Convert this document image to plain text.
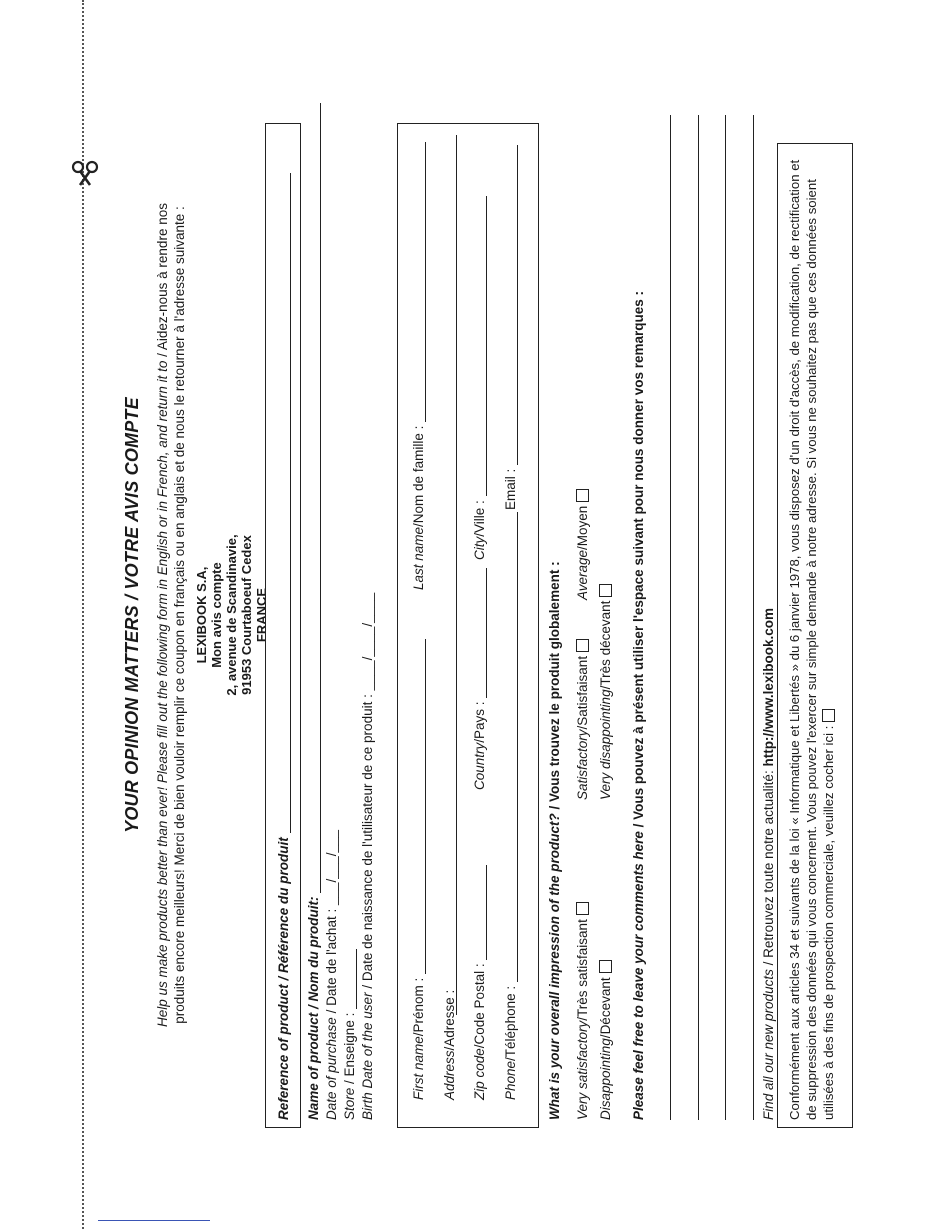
YOUR OPINION MATTERS / VOTRE AVIS COMPTE Help us make products better than ever! Please fill out the following form in English or in French, and return it to / Aidez-nous à rendre nos produits encore meilleurs! Merci de bien vouloir remplir ce coupon en français ou en anglais et de nous le retourner à l'adresse suivante : LEXIBOOK S.A, Mon avis compte 2, avenue de Scandinavie, 91953 Courtaboeuf Cedex FRANCE
Reference of product / Référence du produit Name of product / Nom du produit: Date of purchase / Date de l'achat : ___/___/___
Store / Enseigne : Birth Date of the user / Date de naissance de l'utilisateur de ce produit : ____/____/____
First name/Prénom :
Last name/Nom de famille :
Address/Adresse :
Zip code/Code Postal :
Country/Pays :
City/Ville :
Phone/Téléphone :
Email :
What is your overall impression of the product? / Vous trouvez le produit globalement :
Very satisfactory/Très satisfaisant
Satisfactory/Satisfaisant
Average/Moyen
Disappointing/Décevant
Very disappointing/Très décevant
Please feel free to leave your comments here / Vous pouvez à présent utiliser l'espace suivant pour nous donner vos remarques :
Find all our new products / Retrouvez toute notre actualité: http://www.lexibook.com Conformément aux articles 34 et suivants de la loi « Informatique et Libertés » du 6 janvier 1978, vous disposez d'un droit d'accès, de modification, de rectification et de suppression des données qui vous concernent. Vous pouvez l'exercer sur simple demande à notre adresse. Si vous ne souhaitez pas que ces données soient utilisées à des fins de prospection commerciale, veuillez cocher ici :
